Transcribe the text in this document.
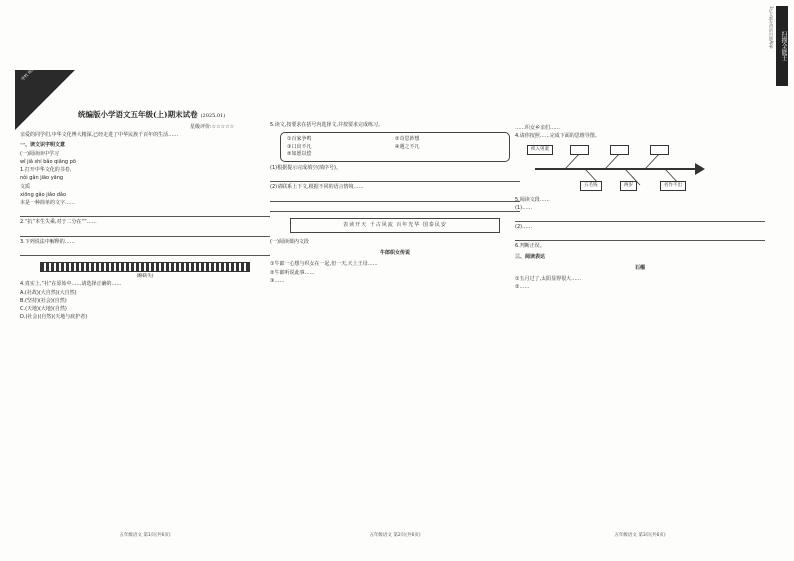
扫描全能王
3亿人都在用的扫描App
学校 班级 姓名 考号
统编版小学语文五年级(上)期末试卷 (2025.01)
星级评价:☆☆☆☆☆
亲爱的同学们,中华文化博大精深,已经走进了中华民族千百年的生活……
一、读文识字明文意
(一)阅读读中学习
wǐ jiǎ shí bǎo qiǎng pō
1.打开中华文化的书卷,
nǒi gǎn jiāo yāng
文质
xiōng gǎo jiǎo dǎo
本是一种简单的文字……
2.“抗”本生失乘,对于二分在“”……
3.下列说法中解释的……
(略缺失)
4.真实上,“社”在原始中……请选择正确的……
A.(社故)(大自然)(大自然)
B.(坚持)(社会)(自然)
C.(天地)(大地)(自然)
D.(社会)(自然)(天地与庇护者)
五年级语文 第1页(共6页)
5.读文,按要求在括号内选择文,并按要求完成练习。
①百家争鸣	②奇思妙想
③口出不凡	④遇之不凡
⑤如愿以偿
(1)根据提示完成填空(填序号)。
(2)请联系上下文,根据不同的语言情境……
表读开天 千古风流 百年光华 国泰民安
(一)阅读课内文段
牛郎织女传说
①牛郎一心想与织女在一起,但一天,天上王母……
②牛郎听说此事……
③……
五年级语文 第2页(共6页)
……织女乡亲们……
4.请你按照……完成下面的思维导图。
织入男童

五毛钱	两岁	名作不出
5.阅读文段……
(1)……
(2)……
6.判断正误。
三、阅读表达
石榴
①五月过了,太阳显得很大……
②……
五年级语文 第3页(共6页)
